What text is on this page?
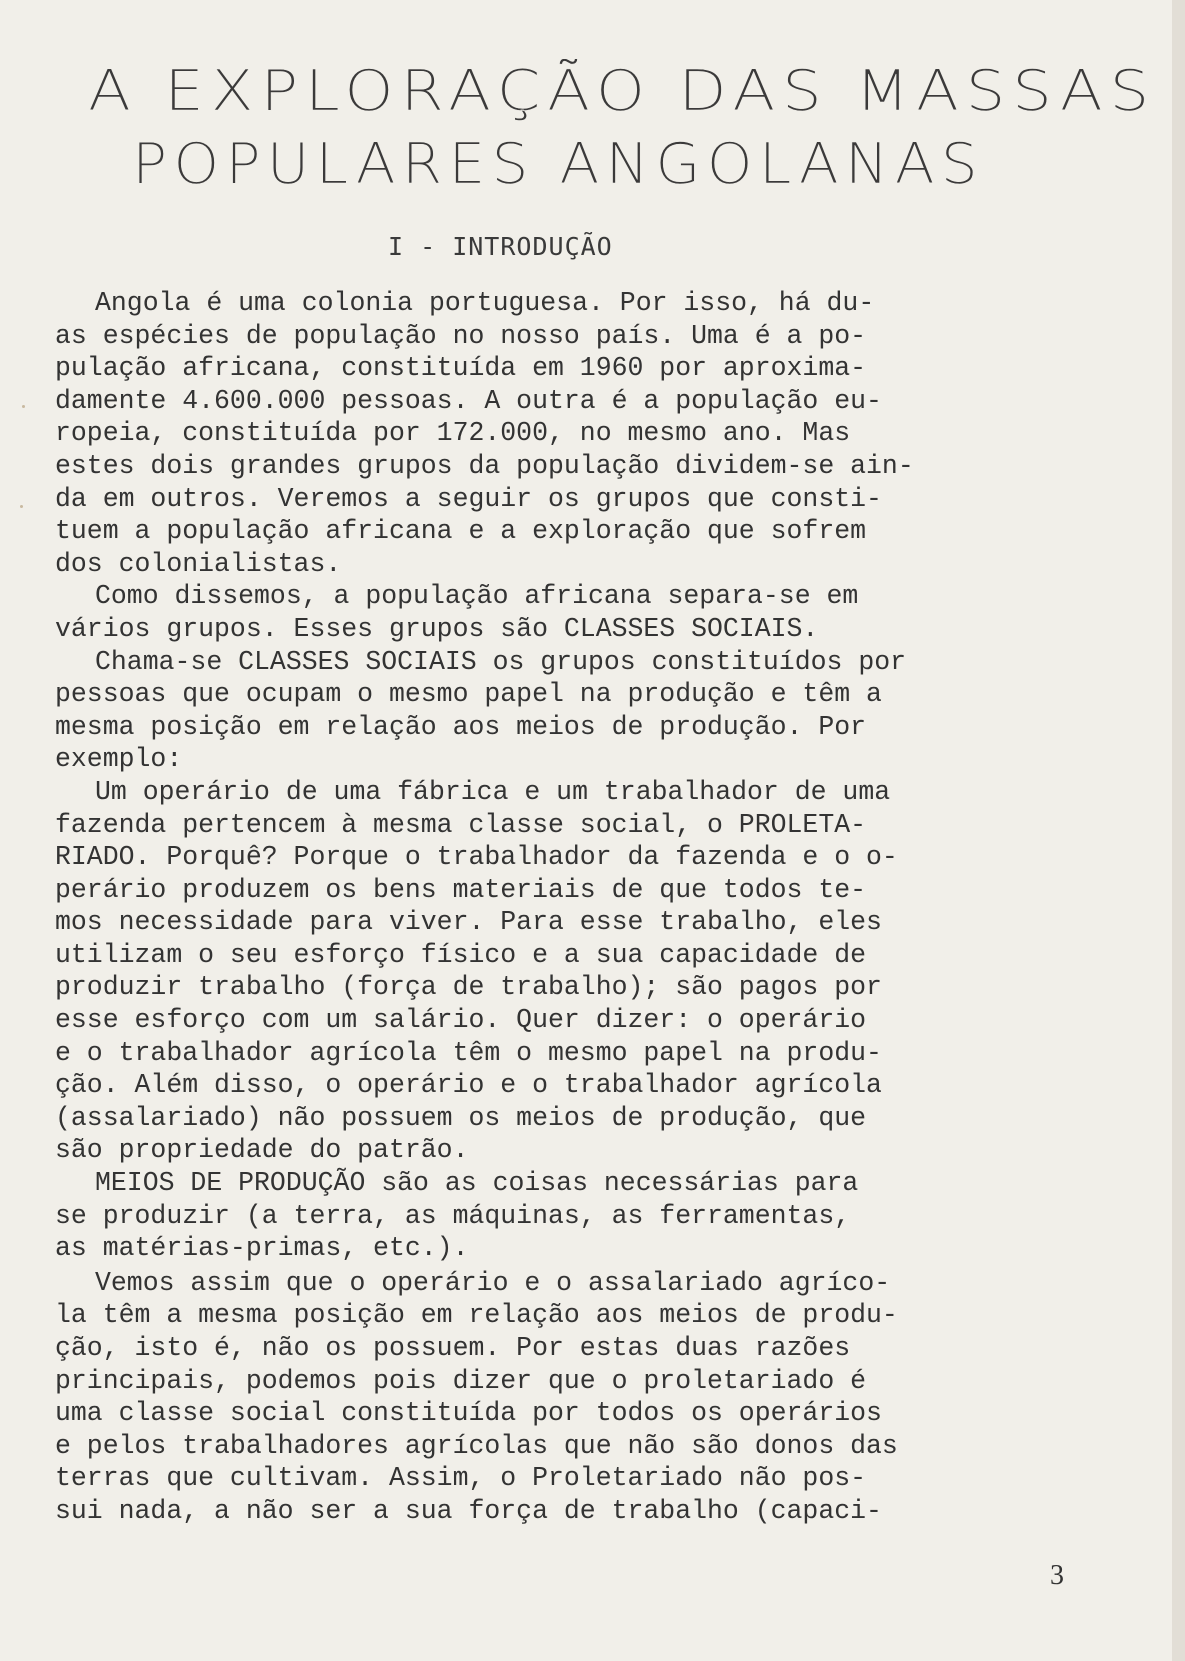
A EXPLORAÇÃO DAS MASSAS
POPULARES ANGOLANAS
I - INTRODUÇÃO
Angola é uma colonia portuguesa. Por isso, há du-
as espécies de população no nosso país. Uma é a po-
pulação africana, constituída em 1960 por aproxima-
damente 4.600.000 pessoas. A outra é a população eu-
ropeia, constituída por 172.000, no mesmo ano. Mas
estes dois grandes grupos da população dividem-se ain-
da em outros. Veremos a seguir os grupos que consti-
tuem a população africana e a exploração que sofrem
dos colonialistas.
Como dissemos, a população africana separa-se em
vários grupos. Esses grupos são CLASSES SOCIAIS.
Chama-se CLASSES SOCIAIS os grupos constituídos por
pessoas que ocupam o mesmo papel na produção e têm a
mesma posição em relação aos meios de produção. Por
exemplo:
Um operário de uma fábrica e um trabalhador de uma
fazenda pertencem à mesma classe social, o PROLETA-
RIADO. Porquê? Porque o trabalhador da fazenda e o o-
perário produzem os bens materiais de que todos te-
mos necessidade para viver. Para esse trabalho, eles
utilizam o seu esforço físico e a sua capacidade de
produzir trabalho (força de trabalho); são pagos por
esse esforço com um salário. Quer dizer: o operário
e o trabalhador agrícola têm o mesmo papel na produ-
ção. Além disso, o operário e o trabalhador agrícola
(assalariado) não possuem os meios de produção, que
são propriedade do patrão.
MEIOS DE PRODUÇÃO são as coisas necessárias para
se produzir (a terra, as máquinas, as ferramentas,
as matérias-primas, etc.).
Vemos assim que o operário e o assalariado agríco-
la têm a mesma posição em relação aos meios de produ-
ção, isto é, não os possuem. Por estas duas razões
principais, podemos pois dizer que o proletariado é
uma classe social constituída por todos os operários
e pelos trabalhadores agrícolas que não são donos das
terras que cultivam. Assim, o Proletariado não pos-
sui nada, a não ser a sua força de trabalho (capaci-
3
